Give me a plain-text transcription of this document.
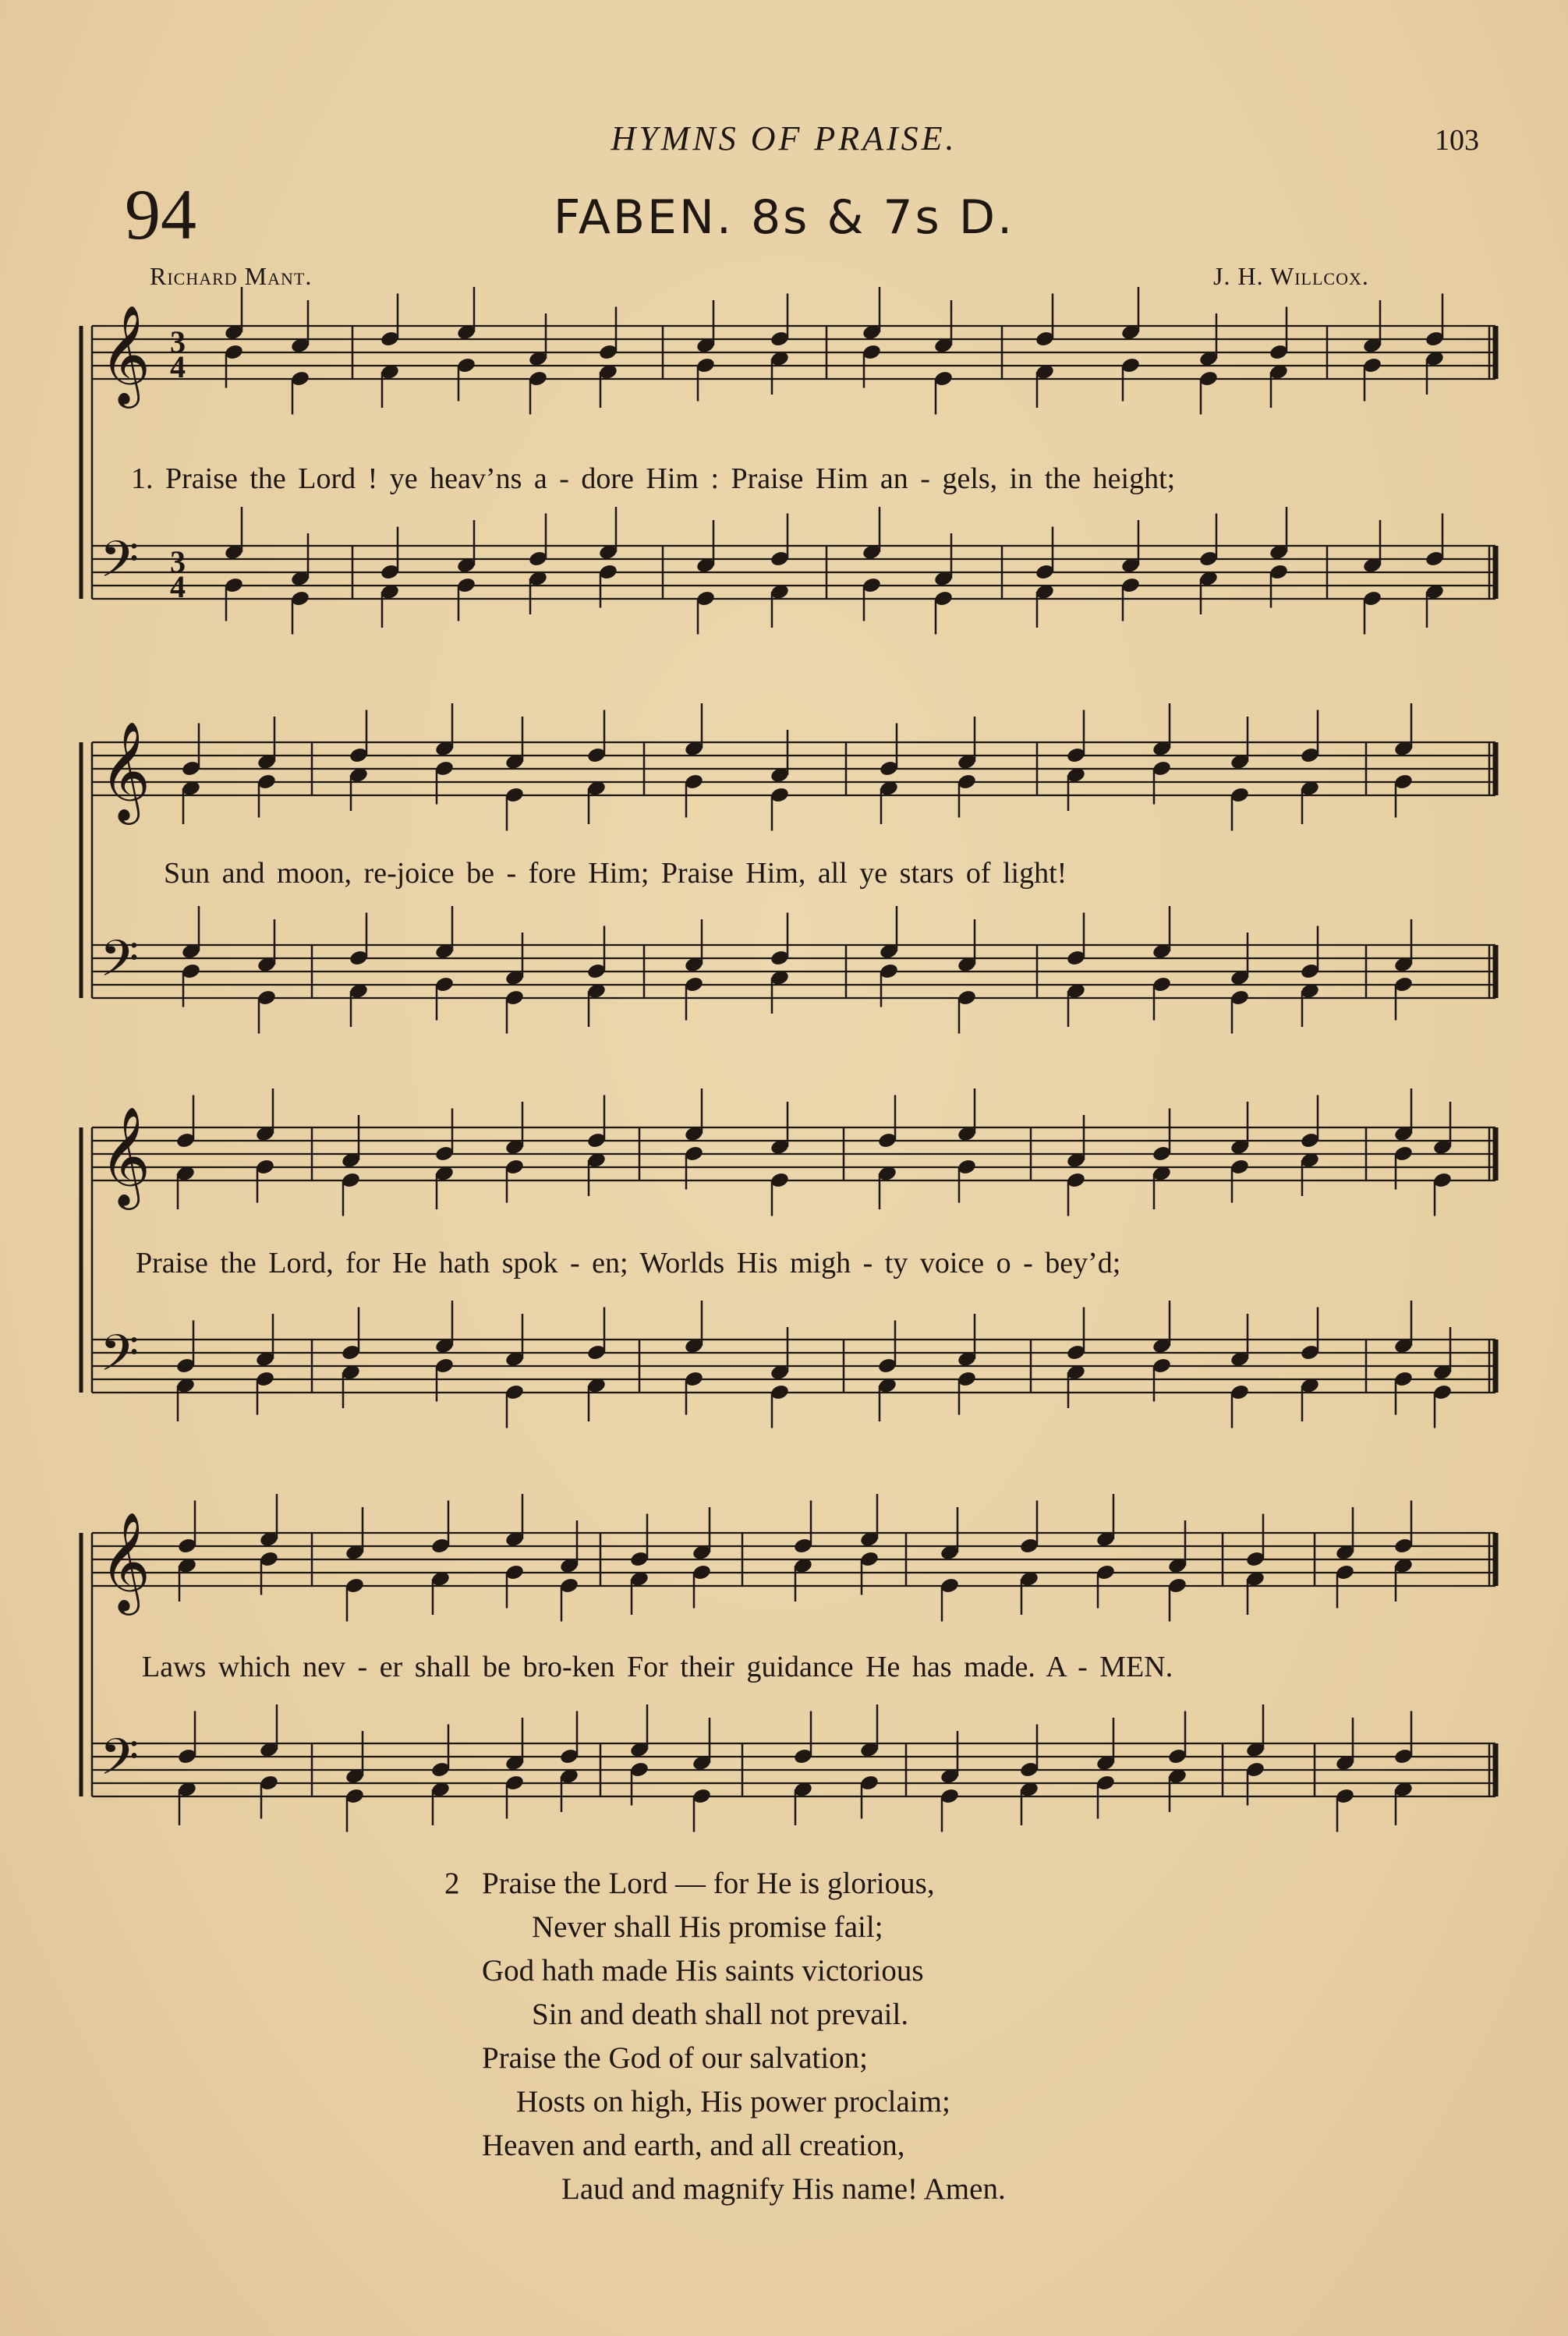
HYMNS OF PRAISE.	103
94	FABEN. 8s & 7s D.
Richard Mant.	J. H. Willcox.
𝄞
𝄢
𝄞
𝄢
𝄞
𝄢
𝄞
𝄢
3
4
3
4
1. Praise the Lord ! ye heav’ns a - dore Him : Praise Him an - gels, in the height;
Sun and moon, re-joice be - fore Him; Praise Him, all ye stars of light!
Praise the Lord, for He hath spok - en; Worlds His migh - ty voice o - bey’d;
Laws which nev - er shall be bro-ken For their guidance He has made. A - MEN.
2 Praise the Lord — for He is glorious,
Never shall His promise fail;
God hath made His saints victorious
Sin and death shall not prevail.
Praise the God of our salvation;
Hosts on high, His power proclaim;
Heaven and earth, and all creation,
Laud and magnify His name! Amen.
